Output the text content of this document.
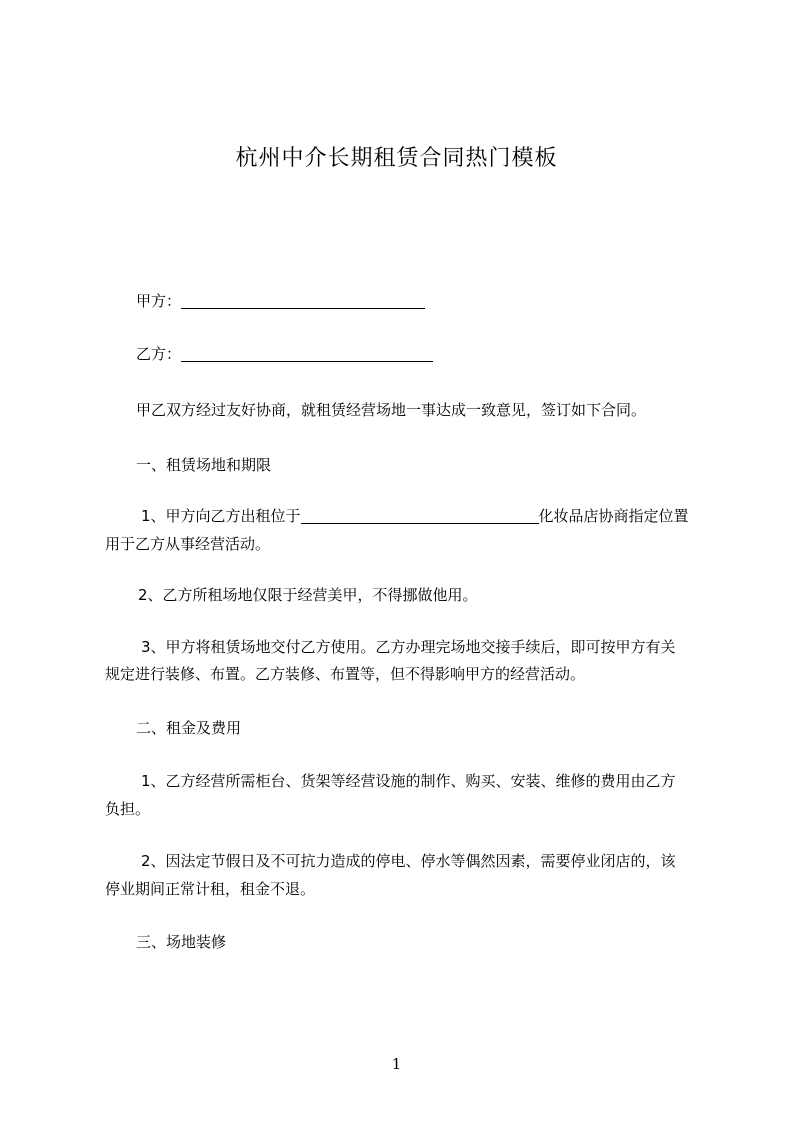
杭州中介长期租赁合同热门模板
甲方：
乙方：
甲乙双方经过友好协商，就租赁经营场地一事达成一致意见，签订如下合同。
一、租赁场地和期限
1、甲方向乙方出租位于	化妆品店协商指定位置
用于乙方从事经营活动。
2、乙方所租场地仅限于经营美甲，不得挪做他用。
3、甲方将租赁场地交付乙方使用。乙方办理完场地交接手续后，即可按甲方有关
规定进行装修、布置。乙方装修、布置等，但不得影响甲方的经营活动。
二、租金及费用
1、乙方经营所需柜台、货架等经营设施的制作、购买、安装、维修的费用由乙方
负担。
2、因法定节假日及不可抗力造成的停电、停水等偶然因素，需要停业闭店的，该
停业期间正常计租，租金不退。
三、场地装修
1
